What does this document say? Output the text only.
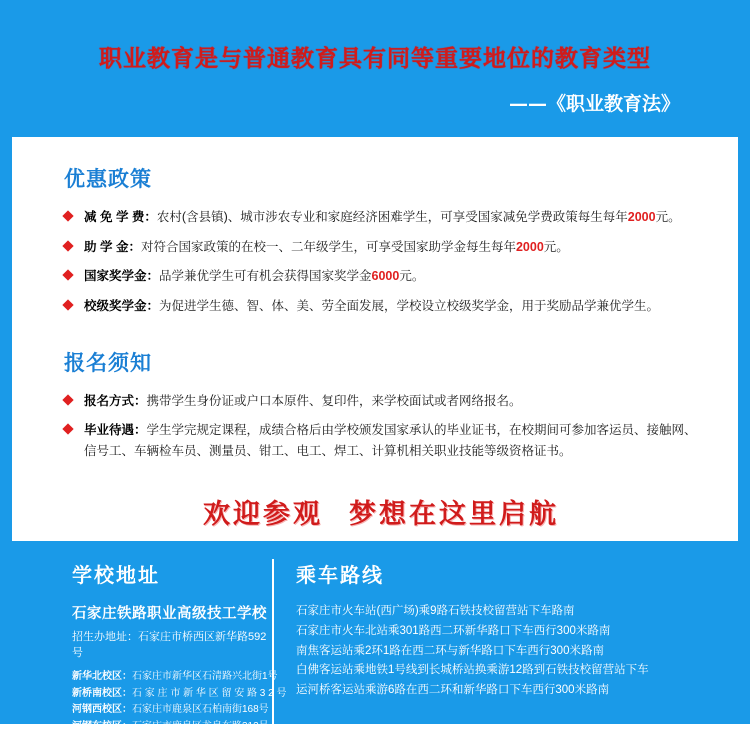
职业教育是与普通教育具有同等重要地位的教育类型
——《职业教育法》
优惠政策
减 免 学 费：农村(含县镇)、城市涉农专业和家庭经济困难学生，可享受国家减免学费政策每生每年2000元。
助 学 金：对符合国家政策的在校一、二年级学生，可享受国家助学金每生每年2000元。
国家奖学金：品学兼优学生可有机会获得国家奖学金6000元。
校级奖学金：为促进学生德、智、体、美、劳全面发展，学校设立校级奖学金，用于奖励品学兼优学生。
报名须知
报名方式：携带学生身份证或户口本原件、复印件，来学校面试或者网络报名。
毕业待遇：学生学完规定课程，成绩合格后由学校颁发国家承认的毕业证书，在校期间可参加客运员、接触网、信号工、车辆检车员、测量员、钳工、电工、焊工、计算机相关职业技能等级资格证书。
欢迎参观 梦想在这里启航
学校地址
石家庄铁路职业高级技工学校
招生办地址：石家庄市桥西区新华路592号
新华北校区：石家庄市新华区石清路兴北街1号
新桥南校区：石 家 庄 市 新 华 区 留 安 路 3 2 号
河钢西校区：石家庄市鹿泉区石柏南街168号
河钢东校区：石家庄市鹿泉区龙泉东路312号
乘车路线
石家庄市火车站(西广场)乘9路石铁技校留营站下车路南
石家庄市火车北站乘301路西二环新华路口下车西行300米路南
南焦客运站乘2环1路在西二环与新华路口下车西行300米路南
白佛客运站乘地铁1号线到长城桥站换乘游12路到石铁技校留营站下车
运河桥客运站乘游6路在西二环和新华路口下车西行300米路南
